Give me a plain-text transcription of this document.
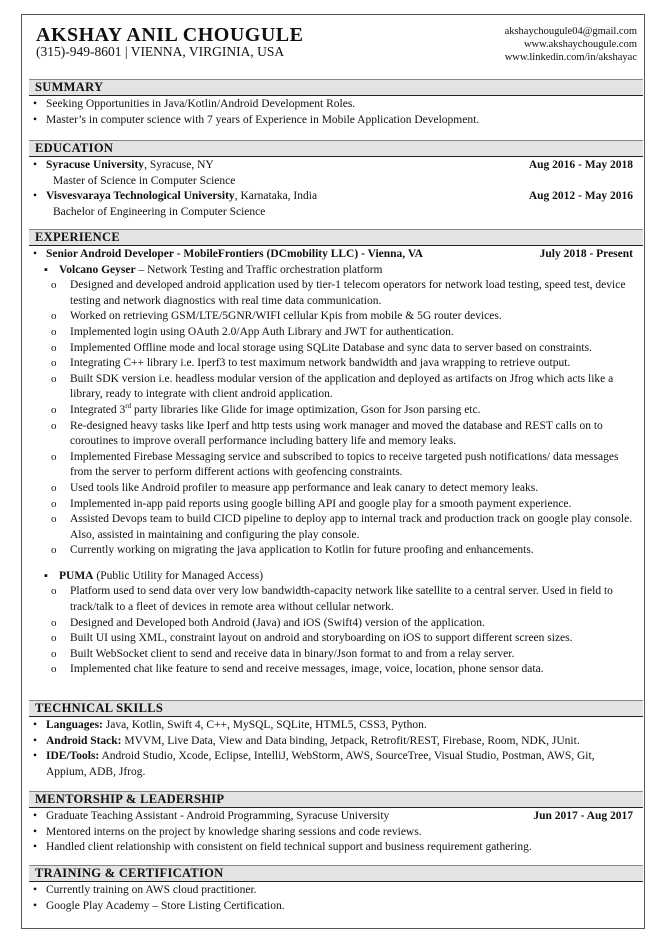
AKSHAY ANIL CHOUGULE
(315)-949-8601 | VIENNA, VIRGINIA, USA
akshaychougule04@gmail.com
www.akshaychougule.com
www.linkedin.com/in/akshayac
SUMMARY
• Seeking Opportunities in Java/Kotlin/Android Development Roles.
• Master’s in computer science with 7 years of Experience in Mobile Application Development.
EDUCATION
• Syracuse University, Syracuse, NY	Aug 2016 - May 2018
Master of Science in Computer Science
• Visvesvaraya Technological University, Karnataka, India	Aug 2012 - May 2016
Bachelor of Engineering in Computer Science
EXPERIENCE
• Senior Android Developer - MobileFrontiers (DCmobility LLC) - Vienna, VA	July 2018 - Present
▪ Volcano Geyser – Network Testing and Traffic orchestration platform
o Designed and developed android application used by tier-1 telecom operators for network load testing, speed test, device testing and network diagnostics with real time data communication.
o Worked on retrieving GSM/LTE/5GNR/WIFI cellular Kpis from mobile & 5G router devices.
o Implemented login using OAuth 2.0/App Auth Library and JWT for authentication.
o Implemented Offline mode and local storage using SQLite Database and sync data to server based on constraints.
o Integrating C++ library i.e. Iperf3 to test maximum network bandwidth and java wrapping to retrieve output.
o Built SDK version i.e. headless modular version of the application and deployed as artifacts on Jfrog which acts like a library, ready to integrate with client android application.
o Integrated 3rd party libraries like Glide for image optimization, Gson for Json parsing etc.
o Re-designed heavy tasks like Iperf and http tests using work manager and moved the database and REST calls on to coroutines to improve overall performance including battery life and memory leaks.
o Implemented Firebase Messaging service and subscribed to topics to receive targeted push notifications/ data messages from the server to perform different actions with geofencing constraints.
o Used tools like Android profiler to measure app performance and leak canary to detect memory leaks.
o Implemented in-app paid reports using google billing API and google play for a smooth payment experience.
o Assisted Devops team to build CICD pipeline to deploy app to internal track and production track on google play console. Also, assisted in maintaining and configuring the play console.
o Currently working on migrating the java application to Kotlin for future proofing and enhancements.
▪ PUMA (Public Utility for Managed Access)
o Platform used to send data over very low bandwidth-capacity network like satellite to a central server. Used in field to track/talk to a fleet of devices in remote area without cellular network.
o Designed and Developed both Android (Java) and iOS (Swift4) version of the application.
o Built UI using XML, constraint layout on android and storyboarding on iOS to support different screen sizes.
o Built WebSocket client to send and receive data in binary/Json format to and from a relay server.
o Implemented chat like feature to send and receive messages, image, voice, location, phone sensor data.
TECHNICAL SKILLS
• Languages: Java, Kotlin, Swift 4, C++, MySQL, SQLite, HTML5, CSS3, Python.
• Android Stack: MVVM, Live Data, View and Data binding, Jetpack, Retrofit/REST, Firebase, Room, NDK, JUnit.
• IDE/Tools: Android Studio, Xcode, Eclipse, IntelliJ, WebStorm, AWS, SourceTree, Visual Studio, Postman, AWS, Git, Appium, ADB, Jfrog.
MENTORSHIP & LEADERSHIP
• Graduate Teaching Assistant - Android Programming, Syracuse University	Jun 2017 - Aug 2017
• Mentored interns on the project by knowledge sharing sessions and code reviews.
• Handled client relationship with consistent on field technical support and business requirement gathering.
TRAINING & CERTIFICATION
• Currently training on AWS cloud practitioner.
• Google Play Academy – Store Listing Certification.
